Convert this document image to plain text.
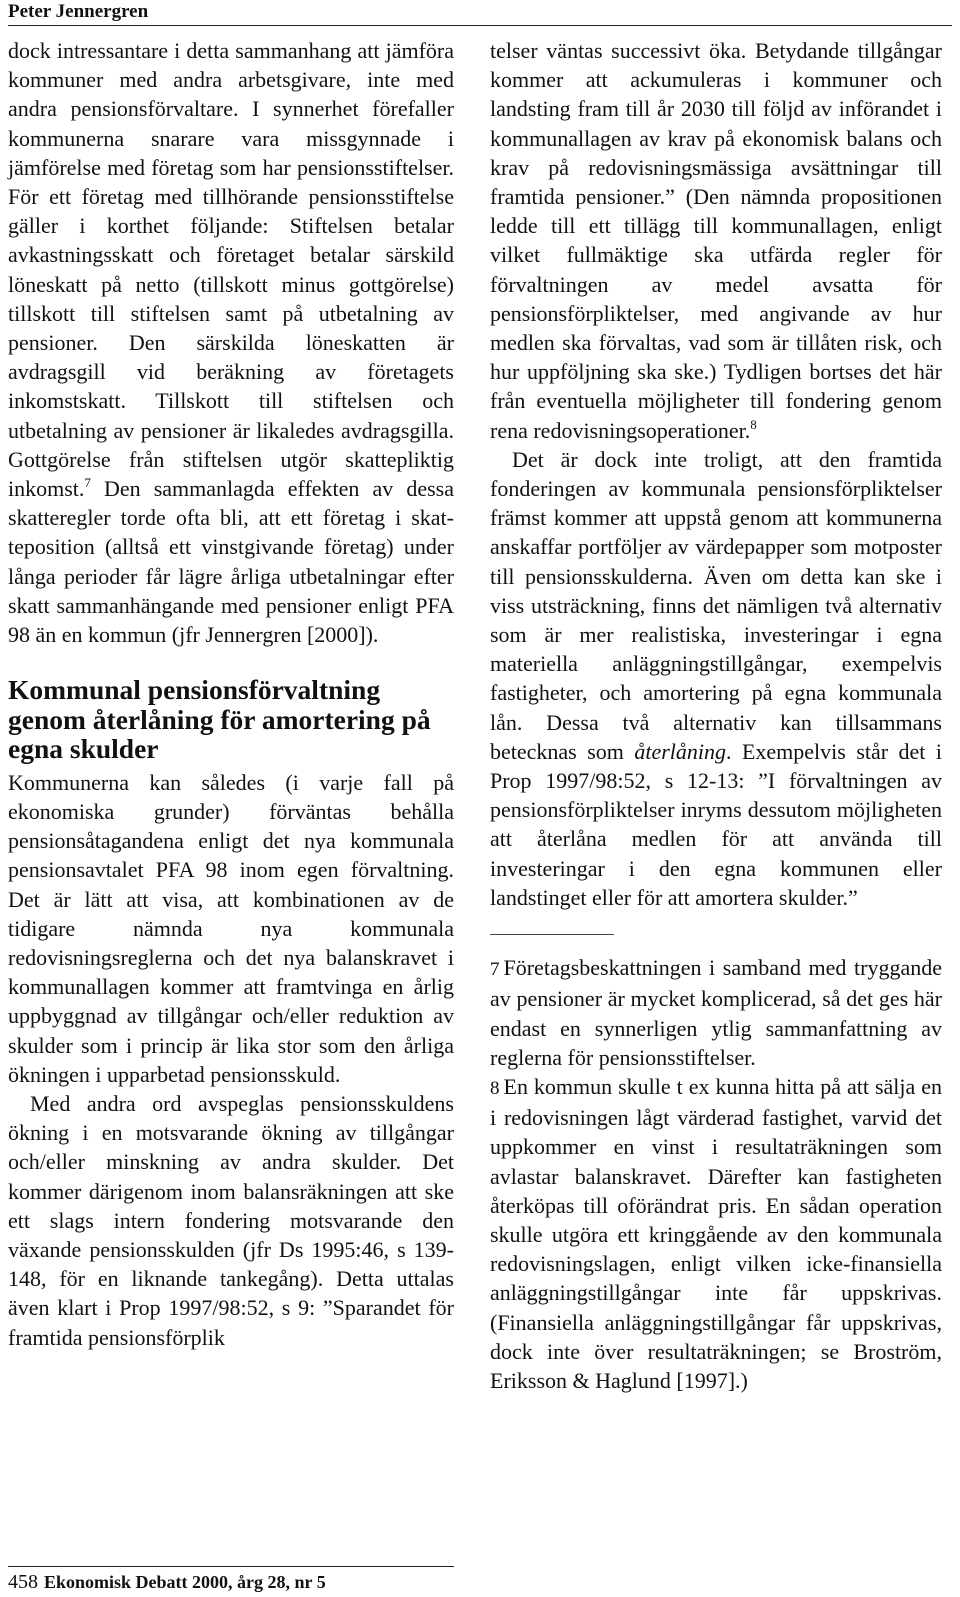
Peter Jennergren

dock intressantare i detta sammanhang att jämföra kommuner med andra arbetsgivare, inte med andra pensionsförvaltare. I synnerhet förefaller kommunerna snarare vara missgynnade i jämförelse med företag som har pensionsstiftelser. För ett företag med tillhörande pensionsstiftelse gäller i korthet följande: Stiftelsen betalar avkastningsskatt och företaget betalar särskild löneskatt på netto (tillskott minus gottgörelse) tillskott till stiftelsen samt på utbetalning av pensioner. Den särskilda löneskatten är avdragsgill vid beräkning av företagets inkomstskatt. Tillskott till stiftelsen och utbetalning av pensioner är likaledes avdragsgilla. Gottgörelse från stiftelsen utgör skattepliktig inkomst.$^7$ Den sammanlagda effekten av dessa skatteregler torde ofta bli, att ett företag i skatteposition (alltså ett vinstgivande företag) under långa perioder får lägre årliga utbetalningar efter skatt sammanhängande med pensioner enligt PFA 98 än en kommun (jfr Jennergren [2000]).

Kommunal pensionsförvaltning genom återlåning för amortering på egna skulder

Kommunerna kan således (i varje fall på ekonomiska grunder) förväntas behålla pensionsåtagandena enligt det nya kommunala pensionsavtalet PFA 98 inom egen förvaltning. Det är lätt att visa, att kombinationen av de tidigare nämnda nya kommunala redovisningsreglerna och det nya balanskravet i kommunallagen kommer att framtvinga en årlig uppbyggnad av tillgångar och/eller reduktion av skulder som i princip är lika stor som den årliga ökningen i upparbetad pensionsskuld.

Med andra ord avspeglas pensionsskuldens ökning i en motsvarande ökning av tillgångar och/eller minskning av andra skulder. Det kommer därigenom inom balansräkningen att ske ett slags intern fondering motsvarande den växande pensionsskulden (jfr Ds 1995:46, s 139-148, för en liknande tankegång). Detta uttalas även klart i Prop 1997/98:52, s 9: ”Sparandet för framtida pensionsförplik

telser väntas successivt öka. Betydande tillgångar kommer att ackumuleras i kommuner och landsting fram till år 2030 till följd av införandet i kommunallagen av krav på ekonomisk balans och krav på redovisningsmässiga avsättningar till framtida pensioner.” (Den nämnda propositionen ledde till ett tillägg till kommunallagen, enligt vilket fullmäktige ska utfärda regler för förvaltningen av medel avsatta för pensionsförpliktelser, med angivande av hur medlen ska förvaltas, vad som är tillåten risk, och hur uppföljning ska ske.) Tydligen bortses det här från eventuella möjligheter till fondering genom rena redovisningsoperationer.$^8$

Det är dock inte troligt, att den framtida fonderingen av kommunala pensionsförpliktelser främst kommer att uppstå genom att kommunerna anskaffar portföljer av värdepapper som motposter till pensionsskulderna. Även om detta kan ske i viss utsträckning, finns det nämligen två alternativ som är mer realistiska, investeringar i egna materiella anläggningstillgångar, exempelvis fastigheter, och amortering på egna kommunala lån. Dessa två alternativ kan tillsammans betecknas som återlåning. Exempelvis står det i Prop 1997/98:52, s 12-13: ”I förvaltningen av pensionsförpliktelser inryms dessutom möjligheten att återlåna medlen för att använda till investeringar i den egna kommunen eller landstinget eller för att amortera skulder.”

7 Företagsbeskattningen i samband med tryggande av pensioner är mycket komplicerad, så det ges här endast en synnerligen ytlig sammanfattning av reglerna för pensionsstiftelser.

8 En kommun skulle t ex kunna hitta på att sälja en i redovisningen lågt värderad fastighet, varvid det uppkommer en vinst i resultaträkningen som avlastar balanskravet. Därefter kan fastigheten återköpas till oförändrat pris. En sådan operation skulle utgöra ett kringgående av den kommunala redovisningslagen, enligt vilken icke-finansiella anläggningstillgångar inte får uppskrivas. (Finansiella anläggningstillgångar får uppskrivas, dock inte över resultaträkningen; se Broström, Eriksson & Haglund [1997].)

458 Ekonomisk Debatt 2000, årg 28, nr 5
